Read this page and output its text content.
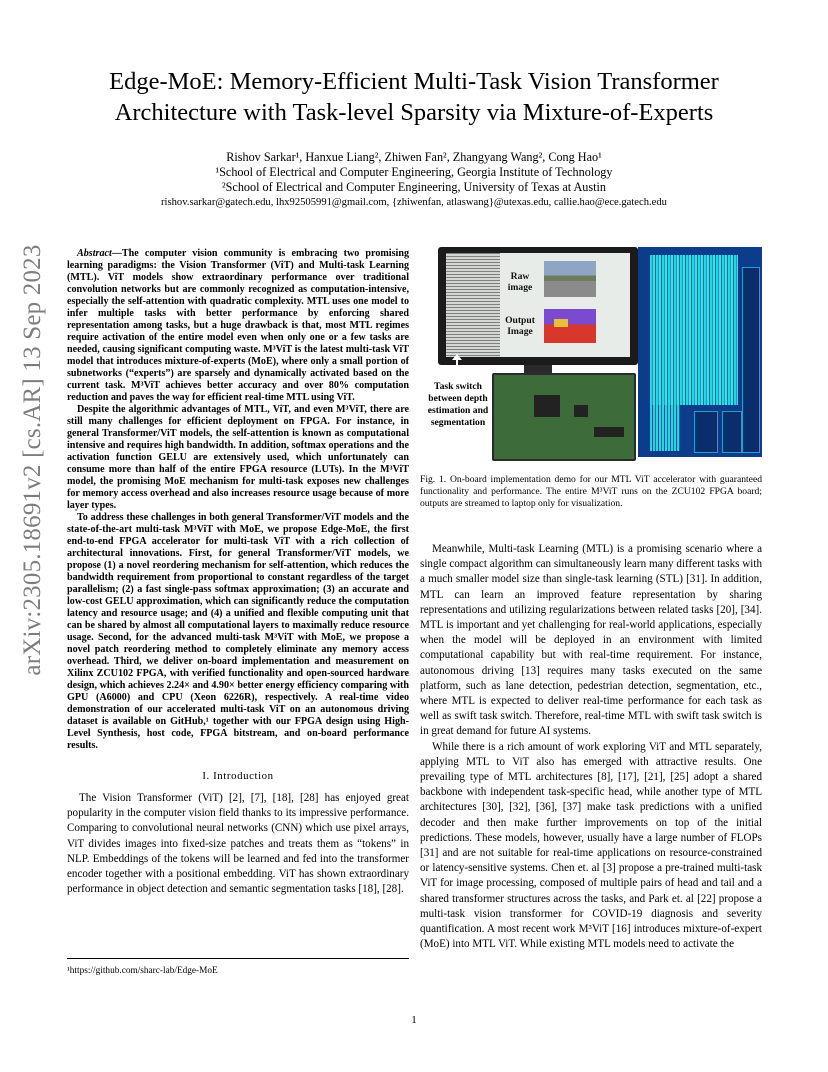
Edge-MoE: Memory-Efficient Multi-Task Vision Transformer
Architecture with Task-level Sparsity via Mixture-of-Experts
Rishov Sarkar¹, Hanxue Liang², Zhiwen Fan², Zhangyang Wang², Cong Hao¹
¹School of Electrical and Computer Engineering, Georgia Institute of Technology
²School of Electrical and Computer Engineering, University of Texas at Austin
rishov.sarkar@gatech.edu, lhx92505991@gmail.com, {zhiwenfan, atlaswang}@utexas.edu, callie.hao@ece.gatech.edu
arXiv:2305.18691v2 [cs.AR] 13 Sep 2023	Abstract—The computer vision community is embracing two promising learning paradigms: the Vision Transformer (ViT) and Multi-task Learning (MTL). ViT models show extraordinary performance over traditional convolution networks but are commonly recognized as computation-intensive, especially the self-attention with quadratic complexity. MTL uses one model to infer multiple tasks with better performance by enforcing shared representation among tasks, but a huge drawback is that, most MTL regimes require activation of the entire model even when only one or a few tasks are needed, causing significant computing waste. M³ViT is the latest multi-task ViT model that introduces mixture-of-experts (MoE), where only a small portion of subnetworks (“experts”) are sparsely and dynamically activated based on the current task. M³ViT achieves better accuracy and over 80% computation reduction and paves the way for efficient real-time MTL using ViT.

Despite the algorithmic advantages of MTL, ViT, and even M³ViT, there are still many challenges for efficient deployment on FPGA. For instance, in general Transformer/ViT models, the self-attention is known as computational intensive and requires high bandwidth. In addition, softmax operations and the activation function GELU are extensively used, which unfortunately can consume more than half of the entire FPGA resource (LUTs). In the M³ViT model, the promising MoE mechanism for multi-task exposes new challenges for memory access overhead and also increases resource usage because of more layer types.

To address these challenges in both general Transformer/ViT models and the state-of-the-art multi-task M³ViT with MoE, we propose Edge-MoE, the first end-to-end FPGA accelerator for multi-task ViT with a rich collection of architectural innovations. First, for general Transformer/ViT models, we propose (1) a novel reordering mechanism for self-attention, which reduces the bandwidth requirement from proportional to constant regardless of the target parallelism; (2) a fast single-pass softmax approximation; (3) an accurate and low-cost GELU approximation, which can significantly reduce the computation latency and resource usage; and (4) a unified and flexible computing unit that can be shared by almost all computational layers to maximally reduce resource usage. Second, for the advanced multi-task M³ViT with MoE, we propose a novel patch reordering method to completely eliminate any memory access overhead. Third, we deliver on-board implementation and measurement on Xilinx ZCU102 FPGA, with verified functionality and open-sourced hardware design, which achieves 2.24× and 4.90× better energy efficiency comparing with GPU (A6000) and CPU (Xeon 6226R), respectively. A real-time video demonstration of our accelerated multi-task ViT on an autonomous driving dataset is available on GitHub,¹ together with our FPGA design using High-Level Synthesis, host code, FPGA bitstream, and on-board performance results.

I. Introduction

The Vision Transformer (ViT) [2], [7], [18], [28] has enjoyed great popularity in the computer vision field thanks to its impressive performance. Comparing to convolutional neural networks (CNN) which use pixel arrays, ViT divides images into fixed-size patches and treats them as “tokens” in NLP. Embeddings of the tokens will be learned and fed into the transformer encoder together with a positional embedding. ViT has shown extraordinary performance in object detection and semantic segmentation tasks [18], [28].

¹https://github.com/sharc-lab/Edge-MoE
Raw image
Output Image
Task switch between depth estimation and segmentation
Fig. 1. On-board implementation demo for our MTL ViT accelerator with guaranteed functionality and performance. The entire M³ViT runs on the ZCU102 FPGA board; outputs are streamed to laptop only for visualization.

Meanwhile, Multi-task Learning (MTL) is a promising scenario where a single compact algorithm can simultaneously learn many different tasks with a much smaller model size than single-task learning (STL) [31]. In addition, MTL can learn an improved feature representation by sharing representations and utilizing regularizations between related tasks [20], [34]. MTL is important and yet challenging for real-world applications, especially when the model will be deployed in an environment with limited computational capability but with real-time requirement. For instance, autonomous driving [13] requires many tasks executed on the same platform, such as lane detection, pedestrian detection, segmentation, etc., where MTL is expected to deliver real-time performance for each task as well as swift task switch. Therefore, real-time MTL with swift task switch is in great demand for future AI systems.

While there is a rich amount of work exploring ViT and MTL separately, applying MTL to ViT also has emerged with attractive results. One prevailing type of MTL architectures [8], [17], [21], [25] adopt a shared backbone with independent task-specific head, while another type of MTL architectures [30], [32], [36], [37] make task predictions with a unified decoder and then make further improvements on top of the initial predictions. These models, however, usually have a large number of FLOPs [31] and are not suitable for real-time applications on resource-constrained or latency-sensitive systems. Chen et. al [3] propose a pre-trained multi-task ViT for image processing, composed of multiple pairs of head and tail and a shared transformer structures across the tasks, and Park et. al [22] propose a multi-task vision transformer for COVID-19 diagnosis and severity quantification. A most recent work M³ViT [16] introduces mixture-of-expert (MoE) into MTL ViT. While existing MTL models need to activate the

1
